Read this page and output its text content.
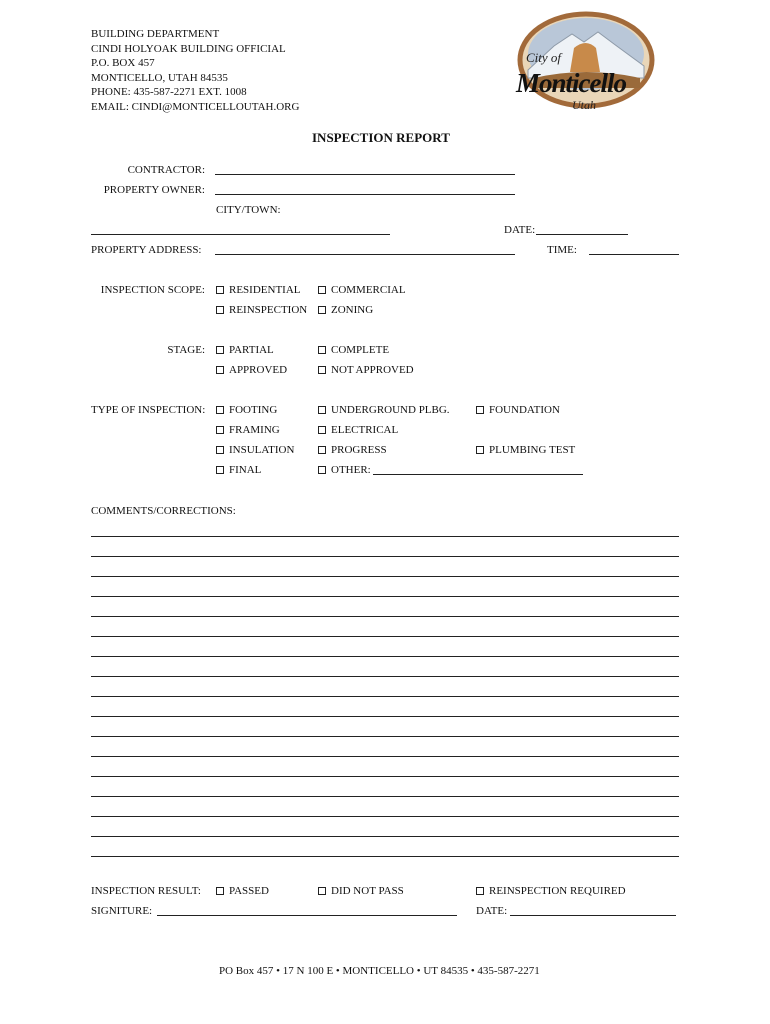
BUILDING DEPARTMENT
CINDI HOLYOAK BUILDING OFFICIAL
P.O. BOX 457
MONTICELLO, UTAH 84535
PHONE: 435-587-2271 EXT. 1008
EMAIL: CINDI@MONTICELLOUTAH.ORG
City of
Monticello
Utah
INSPECTION REPORT
CONTRACTOR:
PROPERTY OWNER:
CITY/TOWN:
DATE:
PROPERTY ADDRESS:	TIME:
INSPECTION SCOPE:	RESIDENTIAL	COMMERCIAL
REINSPECTION	ZONING
STAGE:	PARTIAL	COMPLETE
APPROVED	NOT APPROVED
TYPE OF INSPECTION:	FOOTING	UNDERGROUND PLBG.	FOUNDATION
FRAMING	ELECTRICAL
INSULATION	PROGRESS	PLUMBING TEST
FINAL	OTHER:
COMMENTS/CORRECTIONS:
INSPECTION RESULT:	PASSED	DID NOT PASS	REINSPECTION REQUIRED
SIGNITURE:	DATE:
PO Box 457 • 17 N 100 E • MONTICELLO • UT 84535 • 435-587-2271
